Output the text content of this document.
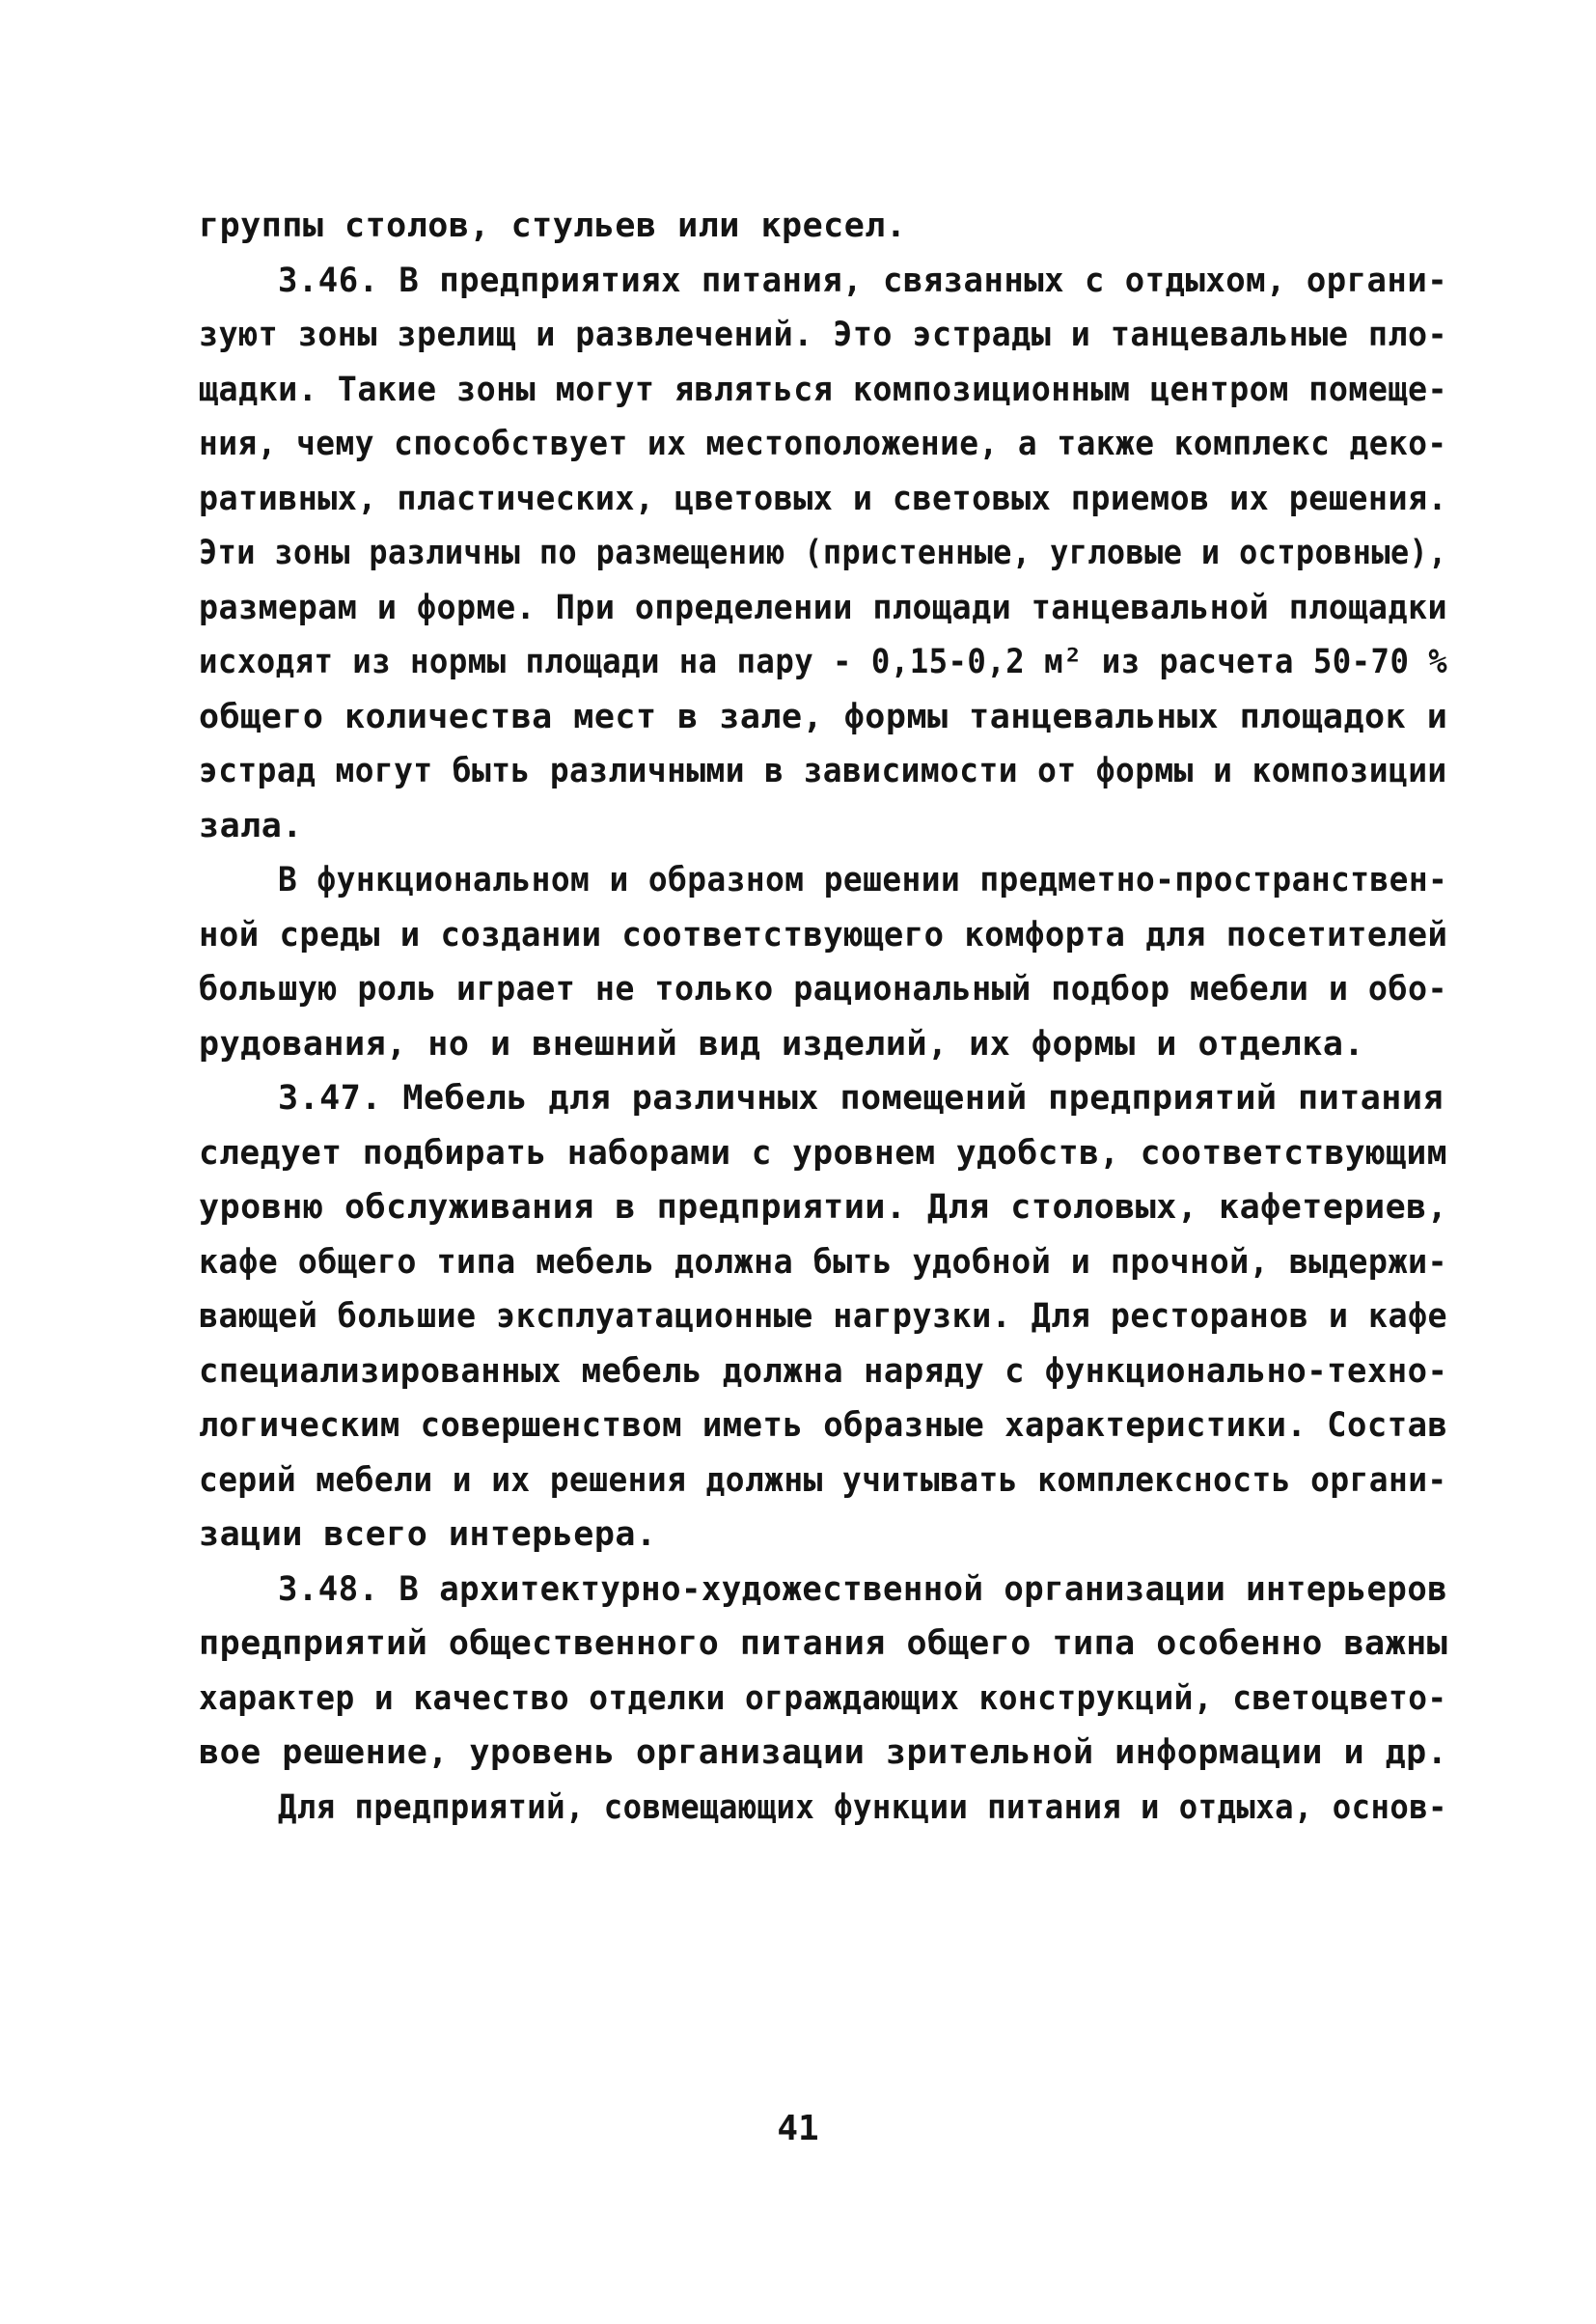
группы столов, стульев или кресел.
3.46. В предприятиях питания, связанных с отдыхом, органи-
зуют зоны зрелищ и развлечений. Это эстрады и танцевальные пло-
щадки. Такие зоны могут являться композиционным центром помеще-
ния, чему способствует их местоположение, а также комплекс деко-
ративных, пластических, цветовых и световых приемов их решения.
Эти зоны различны по размещению (пристенные, угловые и островные),
размерам и форме. При определении площади танцевальной площадки
исходят из нормы площади на пару - 0,15-0,2 м² из расчета 50-70 %
общего количества мест в зале, формы танцевальных площадок и
эстрад могут быть различными в зависимости от формы и композиции
зала.
В функциональном и образном решении предметно-пространствен-
ной среды и создании соответствующего комфорта для посетителей
большую роль играет не только рациональный подбор мебели и обо-
рудования, но и внешний вид изделий, их формы и отделка.
3.47. Мебель для различных помещений предприятий питания
следует подбирать наборами с уровнем удобств, соответствующим
уровню обслуживания в предприятии. Для столовых, кафетериев,
кафе общего типа мебель должна быть удобной и прочной, выдержи-
вающей большие эксплуатационные нагрузки. Для ресторанов и кафе
специализированных мебель должна наряду с функционально-техно-
логическим совершенством иметь образные характеристики. Состав
серий мебели и их решения должны учитывать комплексность органи-
зации всего интерьера.
3.48. В архитектурно-художественной организации интерьеров
предприятий общественного питания общего типа особенно важны
характер и качество отделки ограждающих конструкций, светоцвето-
вое решение, уровень организации зрительной информации и др.
Для предприятий, совмещающих функции питания и отдыха, основ-
41
